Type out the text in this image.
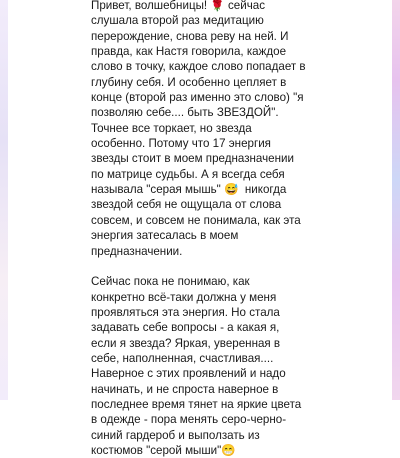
Привет, волшебницы! 🌹 сейчас
слушала второй раз медитацию
перерождение, снова реву на ней. И
правда, как Настя говорила, каждое
слово в точку, каждое слово попадает в
глубину себя. И особенно цепляет в
конце (второй раз именно это слово) "я
позволяю себе.... быть ЗВЕЗДОЙ".
Точнее все торкает, но звезда
особенно. Потому что 17 энергия
звезды стоит в моем предназначении
по матрице судьбы. А я всегда себя
называла "серая мышь" 😅  никогда
звездой себя не ощущала от слова
совсем, и совсем не понимала, как эта
энергия затесалась в моем
предназначении.
Сейчас пока не понимаю, как
конкретно всё-таки должна у меня
проявляться эта энергия. Но стала
задавать себе вопросы - а какая я,
если я звезда? Яркая, уверенная в
себе, наполненная, счастливая....
Наверное с этих проявлений и надо
начинать, и не спроста наверное в
последнее время тянет на яркие цвета
в одежде - пора менять серо-черно-
синий гардероб и выползать из
костюмов "серой мыши"😁
